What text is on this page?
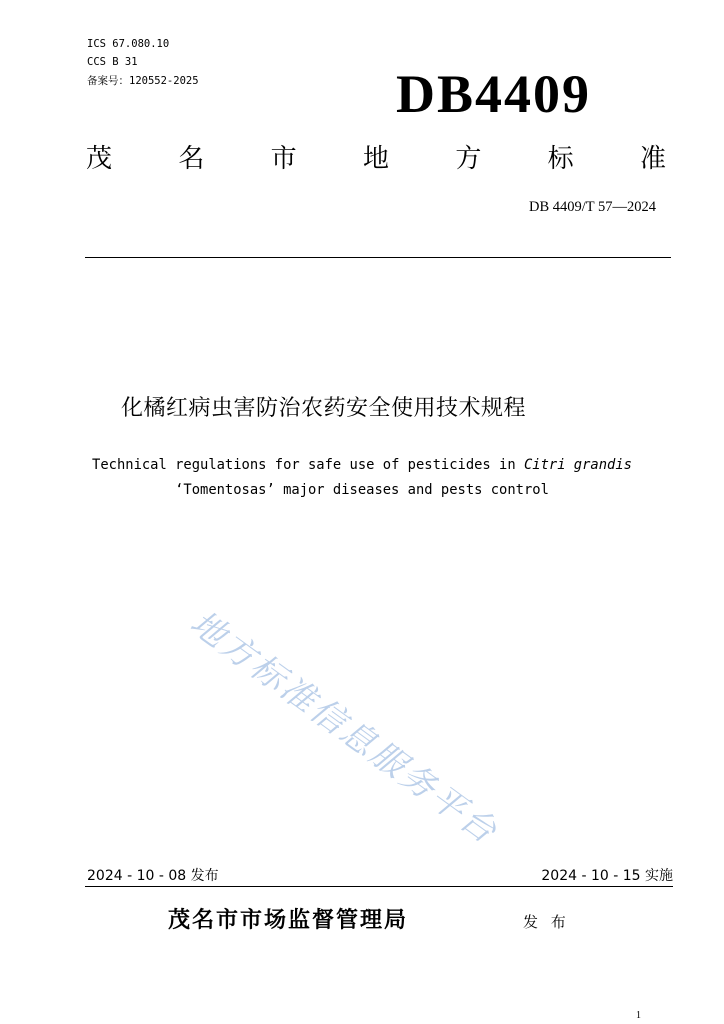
ICS 67.080.10
CCS B 31
备案号：120552-2025	DB4409
茂	名	市	地	方	标	准
DB 4409/T 57—2024
化橘红病虫害防治农药安全使用技术规程
Technical regulations for safe use of pesticides in Citri grandis
‘Tomentosas’ major diseases and pests control
地方标准信息服务平台
2024 - 10 - 08 发布	2024 - 10 - 15 实施
茂名市市场监督管理局	发 布
1
